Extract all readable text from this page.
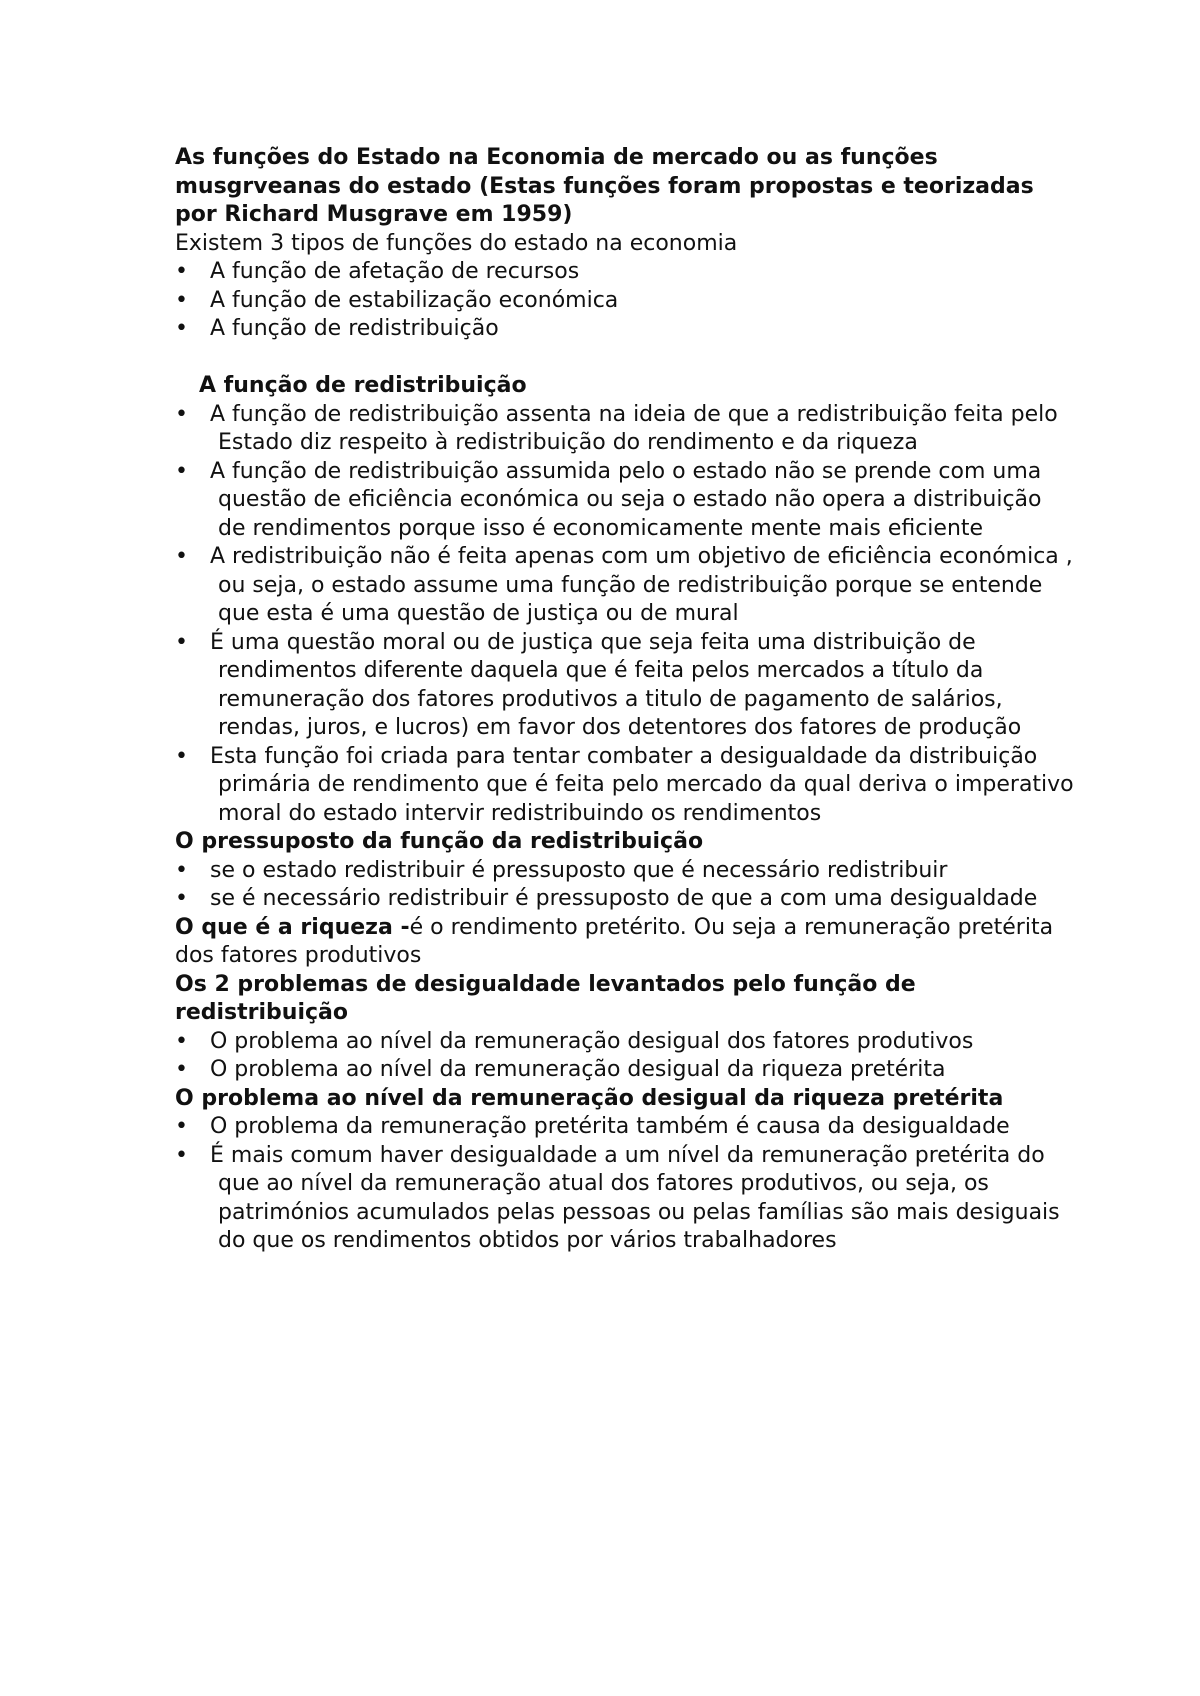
As funções do Estado na Economia de mercado ou as funções musgrveanas do estado (Estas funções foram propostas e teorizadas por Richard Musgrave em 1959)

Existem 3 tipos de funções do estado na economia

•	A função de afetação de recursos
•	A função de estabilização económica
•	A função de redistribuição

A função de redistribuição

•	A função de redistribuição assenta na ideia de que a redistribuição feita pelo Estado diz respeito à redistribuição do rendimento e da riqueza
•	A função de redistribuição assumida pelo o estado não se prende com uma questão de eficiência económica ou seja o estado não opera a distribuição de rendimentos porque isso é economicamente mente mais eficiente
•	A redistribuição não é feita apenas com um objetivo de eficiência económica , ou seja, o estado assume uma função de redistribuição porque se entende que esta é uma questão de justiça ou de mural
•	É uma questão moral ou de justiça que seja feita uma distribuição de rendimentos diferente daquela que é feita pelos mercados a título da remuneração dos fatores produtivos a titulo de pagamento de salários, rendas, juros, e lucros) em favor dos detentores dos fatores de produção
•	Esta função foi criada para tentar combater a desigualdade da distribuição primária de rendimento que é feita pelo mercado da qual deriva o imperativo moral do estado intervir redistribuindo os rendimentos

O pressuposto da função da redistribuição

•	se o estado redistribuir é pressuposto que é necessário redistribuir
•	se é necessário redistribuir é pressuposto de que a com uma desigualdade

O que é a riqueza -é o rendimento pretérito. Ou seja a remuneração pretérita dos fatores produtivos

Os 2 problemas de desigualdade levantados pelo função de redistribuição

•	O problema ao nível da remuneração desigual dos fatores produtivos
•	O problema ao nível da remuneração desigual da riqueza pretérita

O problema ao nível da remuneração desigual da riqueza pretérita

•	O problema da remuneração pretérita também é causa da desigualdade
•	É mais comum haver desigualdade a um nível da remuneração pretérita do que ao nível da remuneração atual dos fatores produtivos, ou seja, os patrimónios acumulados pelas pessoas ou pelas famílias são mais desiguais do que os rendimentos obtidos por vários trabalhadores
